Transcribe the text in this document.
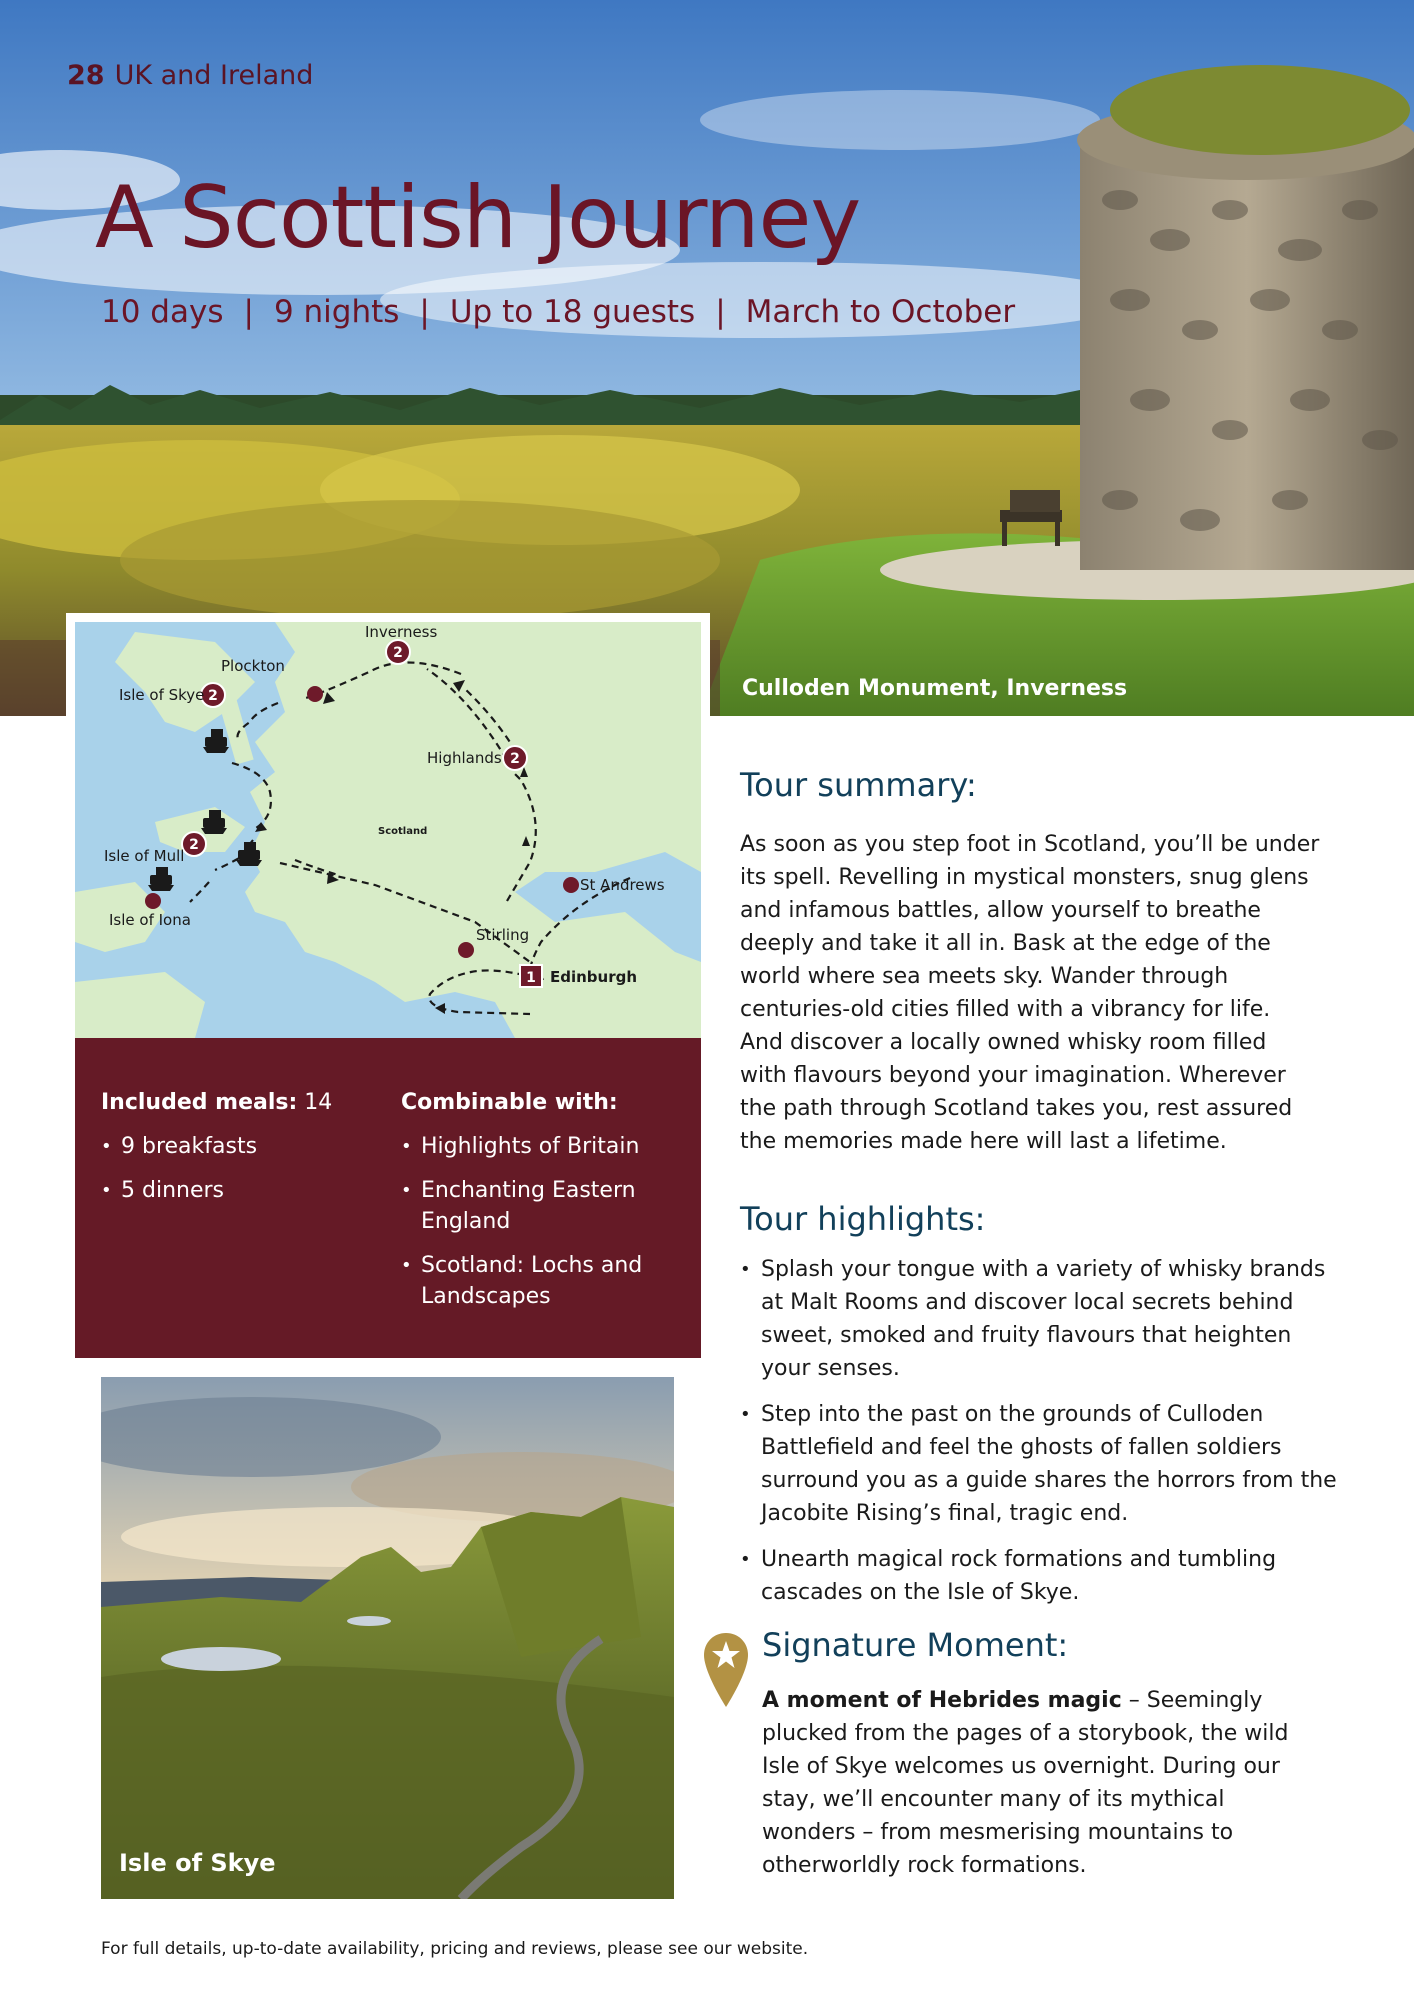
28 UK and Ireland
A Scottish Journey
10 days | 9 nights | Up to 18 guests | March to October
Culloden Monument, Inverness
2
2
2
2
1
Inverness
Plockton
Isle of Skye
Highlands
Isle of Mull
Isle of Iona
St Andrews
Stirling
Edinburgh
Scotland

Included meals: 14

• 9 breakfasts
• 5 dinners

Combinable with:

• Highlights of Britain
• Enchanting Eastern England
• Scotland: Lochs and Landscapes
Isle of Skye
Tour summary:

As soon as you step foot in Scotland, you’ll be under its spell. Revelling in mystical monsters, snug glens and infamous battles, allow yourself to breathe deeply and take it all in. Bask at the edge of the world where sea meets sky. Wander through centuries-old cities filled with a vibrancy for life. And discover a locally owned whisky room filled with flavours beyond your imagination. Wherever the path through Scotland takes you, rest assured the memories made here will last a lifetime.

Tour highlights:
• Splash your tongue with a variety of whisky brands at Malt Rooms and discover local secrets behind sweet, smoked and fruity flavours that heighten your senses.
• Step into the past on the grounds of Culloden Battlefield and feel the ghosts of fallen soldiers surround you as a guide shares the horrors from the Jacobite Rising’s final, tragic end.
• Unearth magical rock formations and tumbling cascades on the Isle of Skye.
Signature Moment:

A moment of Hebrides magic – Seemingly plucked from the pages of a storybook, the wild Isle of Skye welcomes us overnight. During our stay, we’ll encounter many of its mythical wonders – from mesmerising mountains to otherworldly rock formations.

For full details, up-to-date availability, pricing and reviews, please see our website.
